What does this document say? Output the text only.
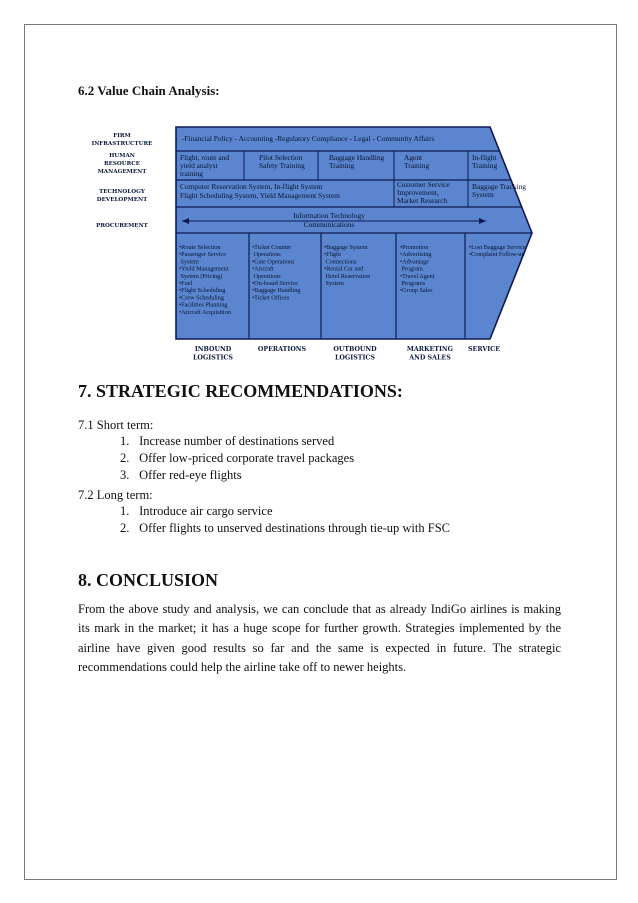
6.2 Value Chain Analysis:
FIRM INFRASTRUCTURE
HUMAN RESOURCE MANAGEMENT
TECHNOLOGY DEVELOPMENT
PROCUREMENT
-Financial Policy - Accounting -Regulatory Compliance - Legal - Community Affairs
Flight, route and yield analyst training
Pilot Selection Safety Training
Baggage Handling Training
Agent Training
In-flight Training
Computer Reservation System, In-flight System Flight Scheduling System, Yield Management System
Customer Service Improvement, Market Research
Baggage Tracking System
Information Technology Communications
•Route Selection •Passenger Service System •Yield Management System (Pricing) •Fuel •Flight Scheduling •Crew Scheduling •Facilities Planning •Aircraft Acquisition
•Ticket Counter Operations •Gate Operations •Aircraft Operations •On-board Service •Baggage Handling •Ticket Offices
•Baggage System •Flight Connections •Rental Car and Hotel Reservation System
•Promotion •Advertising •Advantage Program •Travel Agent Programs •Group Sales
•Lost Baggage Service •Complaint Follow-up
INBOUND LOGISTICS
OPERATIONS	OUTBOUND LOGISTICS
MARKETING AND SALES
SERVICE
7. STRATEGIC RECOMMENDATIONS:
7.1 Short term:
1. Increase number of destinations served
2. Offer low-priced corporate travel packages
3. Offer red-eye flights
7.2 Long term:
1. Introduce air cargo service
2. Offer flights to unserved destinations through tie-up with FSC
8. CONCLUSION
From the above study and analysis, we can conclude that as already IndiGo airlines is making its mark in the market; it has a huge scope for further growth. Strategies implemented by the airline have given good results so far and the same is expected in future. The strategic recommendations could help the airline take off to newer heights.
